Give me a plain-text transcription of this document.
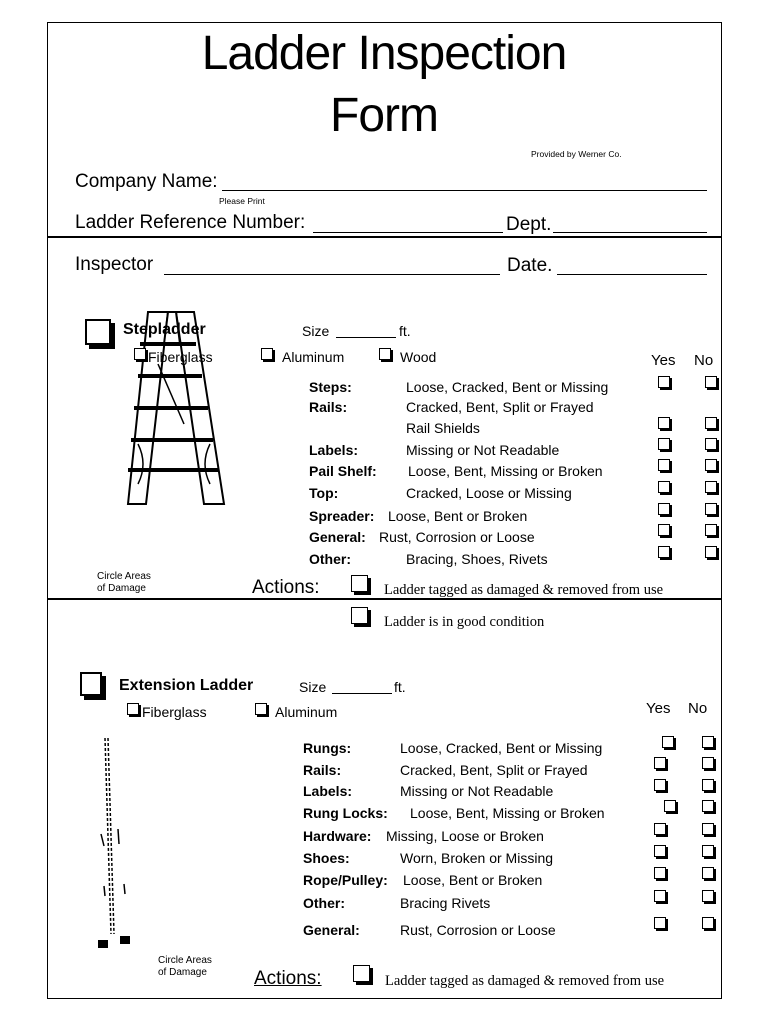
Ladder Inspection
Form
Provided by Werner Co.
Company Name:
Please Print
Ladder Reference Number:	Dept.
Inspector	Date.
Stepladder	Size	ft.
Fiberglass	Aluminum	Wood	Yes No
Steps:	Loose, Cracked, Bent or Missing
Rails:	Cracked, Bent, Split or Frayed
Rail Shields
Labels:	Missing or Not Readable
Pail Shelf: Loose, Bent, Missing or Broken
Top:	Cracked, Loose or Missing
Spreader: Loose, Bent or Broken
General: Rust, Corrosion or Loose
Other:	Bracing, Shoes, Rivets
Circle Areas
of Damage	Actions:	Ladder tagged as damaged & removed from use
Ladder is in good condition
Extension Ladder	Size	ft.
Fiberglass	Aluminum	Yes No
Rungs:	Loose, Cracked, Bent or Missing
Rails:	Cracked, Bent, Split or Frayed
Labels:	Missing or Not Readable
Rung Locks: Loose, Bent, Missing or Broken
Hardware: Missing, Loose or Broken
Shoes:	Worn, Broken or Missing
Rope/Pulley: Loose, Bent or Broken
Other:	Bracing Rivets
General:	Rust, Corrosion or Loose
Circle Areas
of Damage Actions:	Ladder tagged as damaged & removed from use
